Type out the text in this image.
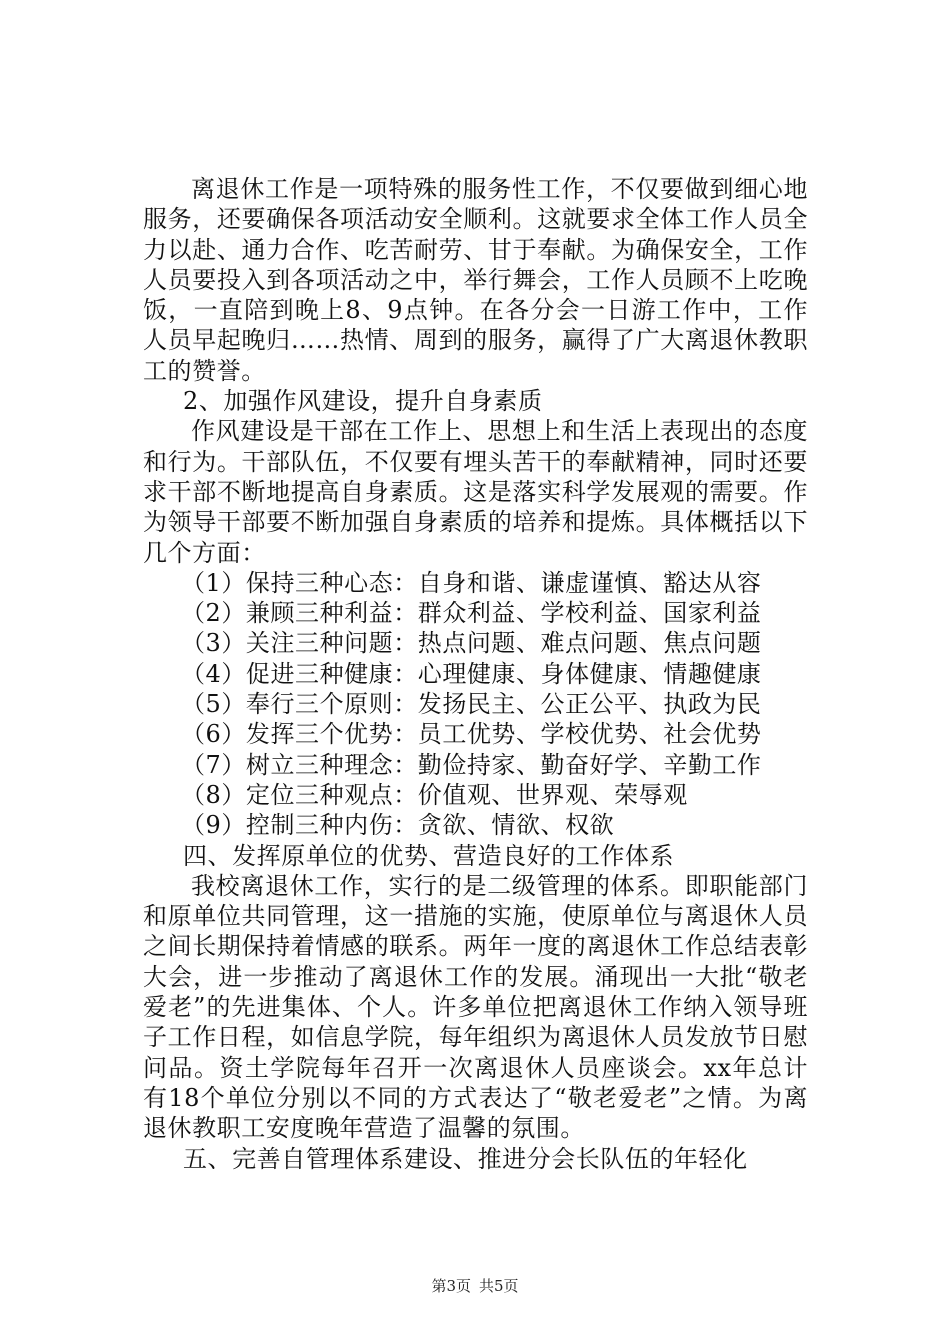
离退休工作是一项特殊的服务性工作，不仅要做到细心地服务，还要确保各项活动安全顺利。这就要求全体工作人员全力以赴、通力合作、吃苦耐劳、甘于奉献。为确保安全，工作人员要投入到各项活动之中，举行舞会，工作人员顾不上吃晚饭，一直陪到晚上8、9点钟。在各分会一日游工作中，工作人员早起晚归……热情、周到的服务，赢得了广大离退休教职工的赞誉。

2、加强作风建设，提升自身素质

作风建设是干部在工作上、思想上和生活上表现出的态度和行为。干部队伍，不仅要有埋头苦干的奉献精神，同时还要求干部不断地提高自身素质。这是落实科学发展观的需要。作为领导干部要不断加强自身素质的培养和提炼。具体概括以下几个方面：

（1）保持三种心态：自身和谐、谦虚谨慎、豁达从容

（2）兼顾三种利益：群众利益、学校利益、国家利益

（3）关注三种问题：热点问题、难点问题、焦点问题

（4）促进三种健康：心理健康、身体健康、情趣健康

（5）奉行三个原则：发扬民主、公正公平、执政为民

（6）发挥三个优势：员工优势、学校优势、社会优势

（7）树立三种理念：勤俭持家、勤奋好学、辛勤工作

（8）定位三种观点：价值观、世界观、荣辱观

（9）控制三种内伤：贪欲、情欲、权欲

四、发挥原单位的优势、营造良好的工作体系

我校离退休工作，实行的是二级管理的体系。即职能部门和原单位共同管理，这一措施的实施，使原单位与离退休人员之间长期保持着情感的联系。两年一度的离退休工作总结表彰大会，进一步推动了离退休工作的发展。涌现出一大批“敬老爱老”的先进集体、个人。许多单位把离退休工作纳入领导班子工作日程，如信息学院，每年组织为离退休人员发放节日慰问品。资土学院每年召开一次离退休人员座谈会。xx年总计有18个单位分别以不同的方式表达了“敬老爱老”之情。为离退休教职工安度晚年营造了温馨的氛围。

五、完善自管理体系建设、推进分会长队伍的年轻化

第3页 共5页
